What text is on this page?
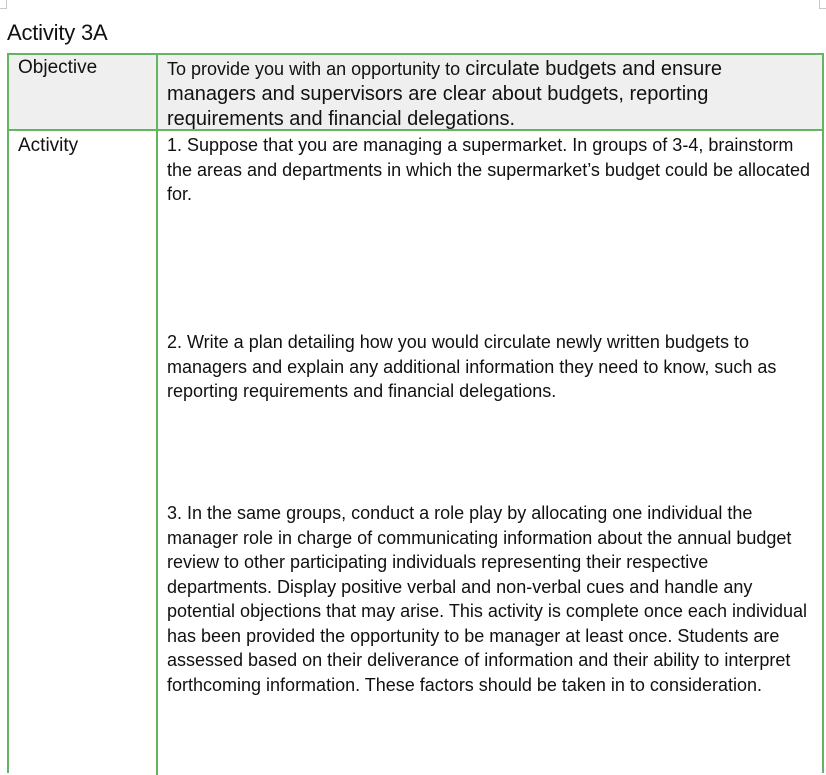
Activity 3A
Objective	To provide you with an opportunity to circulate budgets and ensure managers and supervisors are clear about budgets, reporting requirements and financial delegations.
Activity	1. Suppose that you are managing a supermarket. In groups of 3-4, brainstorm the areas and departments in which the supermarket’s budget could be allocated for.
2. Write a plan detailing how you would circulate newly written budgets to managers and explain any additional information they need to know, such as reporting requirements and financial delegations.
3. In the same groups, conduct a role play by allocating one individual the manager role in charge of communicating information about the annual budget review to other participating individuals representing their respective departments. Display positive verbal and non-verbal cues and handle any potential objections that may arise. This activity is complete once each individual has been provided the opportunity to be manager at least once. Students are assessed based on their deliverance of information and their ability to interpret forthcoming information. These factors should be taken in to consideration.
